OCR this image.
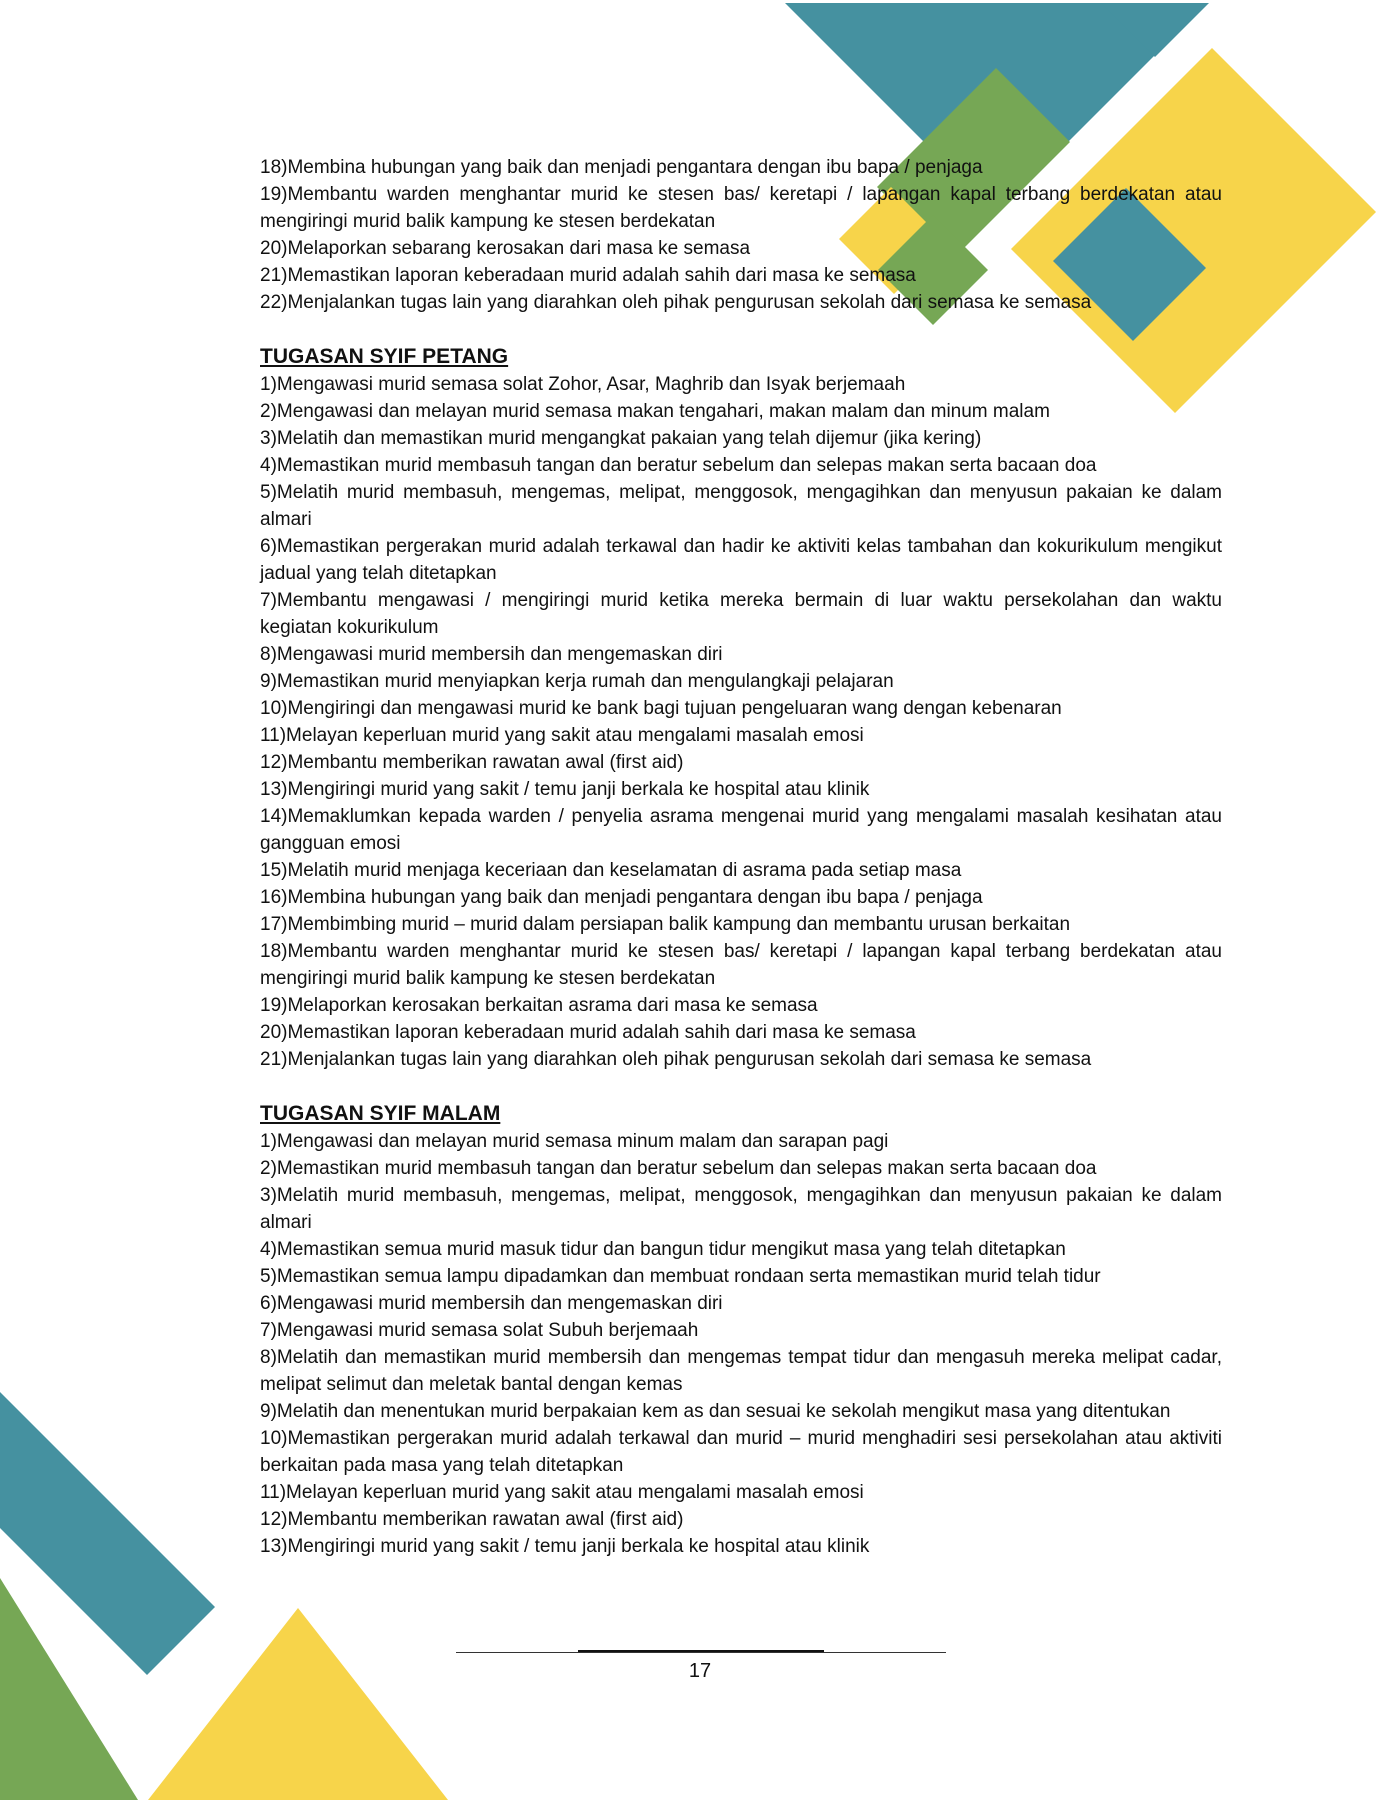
18)Membina hubungan yang baik dan menjadi pengantara dengan ibu bapa / penjaga

19)Membantu warden menghantar murid ke stesen bas/ keretapi / lapangan kapal terbang berdekatan atau mengiringi murid balik kampung ke stesen berdekatan

20)Melaporkan sebarang kerosakan dari masa ke semasa

21)Memastikan laporan keberadaan murid adalah sahih dari masa ke semasa

22)Menjalankan tugas lain yang diarahkan oleh pihak pengurusan sekolah dari semasa ke semasa

TUGASAN SYIF PETANG

1)Mengawasi murid semasa solat Zohor, Asar, Maghrib dan Isyak berjemaah

2)Mengawasi dan melayan murid semasa makan tengahari, makan malam dan minum malam

3)Melatih dan memastikan murid mengangkat pakaian yang telah dijemur (jika kering)

4)Memastikan murid membasuh tangan dan beratur sebelum dan selepas makan serta bacaan doa

5)Melatih murid membasuh, mengemas, melipat, menggosok, mengagihkan dan menyusun pakaian ke dalam almari

6)Memastikan pergerakan murid adalah terkawal dan hadir ke aktiviti kelas tambahan dan kokurikulum mengikut jadual yang telah ditetapkan

7)Membantu mengawasi / mengiringi murid ketika mereka bermain di luar waktu persekolahan dan waktu kegiatan kokurikulum

8)Mengawasi murid membersih dan mengemaskan diri

9)Memastikan murid menyiapkan kerja rumah dan mengulangkaji pelajaran

10)Mengiringi dan mengawasi murid ke bank bagi tujuan pengeluaran wang dengan kebenaran

11)Melayan keperluan murid yang sakit atau mengalami masalah emosi

12)Membantu memberikan rawatan awal (first aid)

13)Mengiringi murid yang sakit / temu janji berkala ke hospital atau klinik

14)Memaklumkan kepada warden / penyelia asrama mengenai murid yang mengalami masalah kesihatan atau gangguan emosi

15)Melatih murid menjaga keceriaan dan keselamatan di asrama pada setiap masa

16)Membina hubungan yang baik dan menjadi pengantara dengan ibu bapa / penjaga

17)Membimbing murid – murid dalam persiapan balik kampung dan membantu urusan berkaitan

18)Membantu warden menghantar murid ke stesen bas/ keretapi / lapangan kapal terbang berdekatan atau mengiringi murid balik kampung ke stesen berdekatan

19)Melaporkan kerosakan berkaitan asrama dari masa ke semasa

20)Memastikan laporan keberadaan murid adalah sahih dari masa ke semasa

21)Menjalankan tugas lain yang diarahkan oleh pihak pengurusan sekolah dari semasa ke semasa

TUGASAN SYIF MALAM

1)Mengawasi dan melayan murid semasa minum malam dan sarapan pagi

2)Memastikan murid membasuh tangan dan beratur sebelum dan selepas makan serta bacaan doa

3)Melatih murid membasuh, mengemas, melipat, menggosok, mengagihkan dan menyusun pakaian ke dalam almari

4)Memastikan semua murid masuk tidur dan bangun tidur mengikut masa yang telah ditetapkan

5)Memastikan semua lampu dipadamkan dan membuat rondaan serta memastikan murid telah tidur

6)Mengawasi murid membersih dan mengemaskan diri

7)Mengawasi murid semasa solat Subuh berjemaah

8)Melatih dan memastikan murid membersih dan mengemas tempat tidur dan mengasuh mereka melipat cadar, melipat selimut dan meletak bantal dengan kemas

9)Melatih dan menentukan murid berpakaian kem as dan sesuai ke sekolah mengikut masa yang ditentukan

10)Memastikan pergerakan murid adalah terkawal dan murid – murid menghadiri sesi persekolahan atau aktiviti berkaitan pada masa yang telah ditetapkan

11)Melayan keperluan murid yang sakit atau mengalami masalah emosi

12)Membantu memberikan rawatan awal (first aid)

13)Mengiringi murid yang sakit / temu janji berkala ke hospital atau klinik

17
